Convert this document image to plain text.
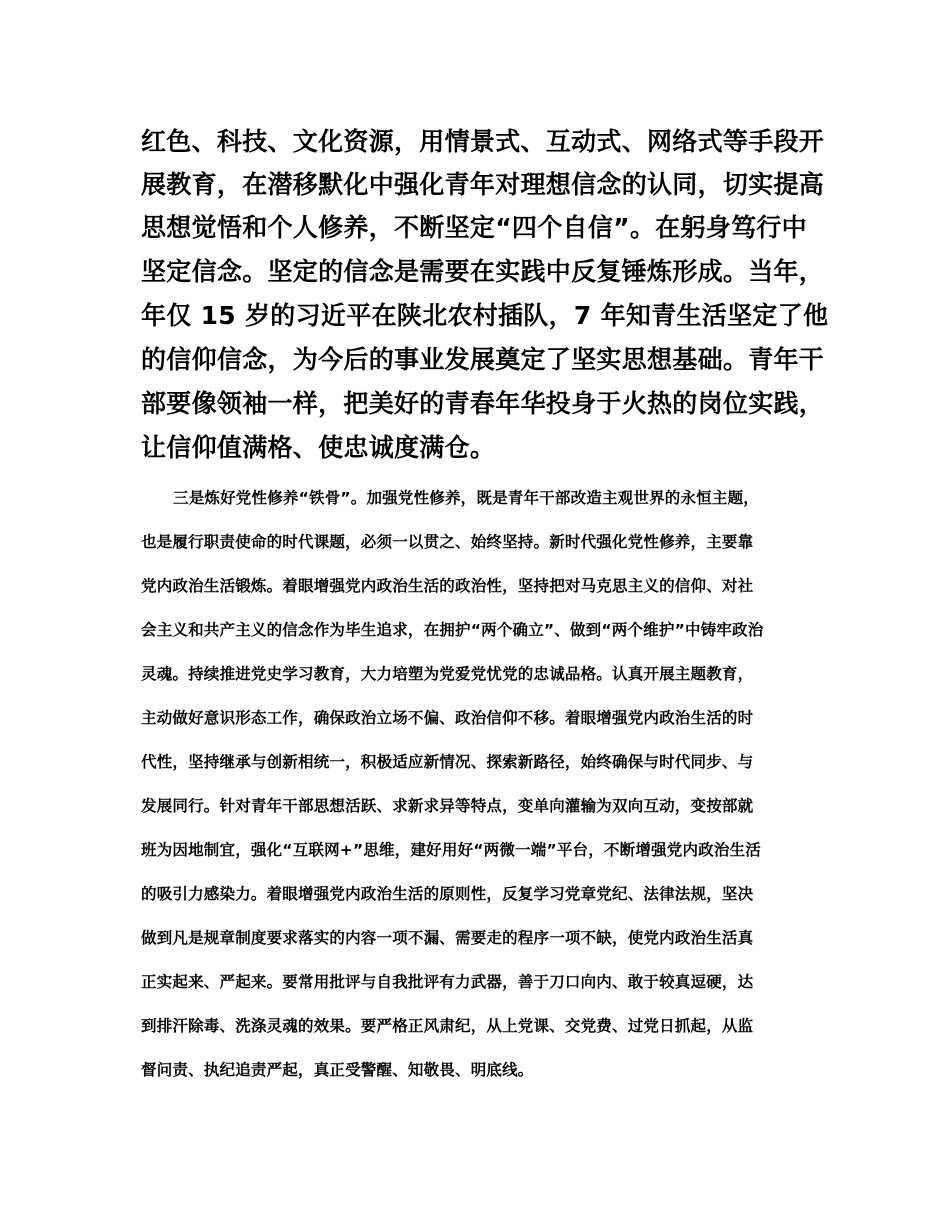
红色、科技、文化资源，用情景式、互动式、网络式等手段开
展教育，在潜移默化中强化青年对理想信念的认同，切实提高
思想觉悟和个人修养，不断坚定“四个自信”。在躬身笃行中
坚定信念。坚定的信念是需要在实践中反复锤炼形成。当年，
年仅 15 岁的习近平在陕北农村插队，7 年知青生活坚定了他
的信仰信念，为今后的事业发展奠定了坚实思想基础。青年干
部要像领袖一样，把美好的青春年华投身于火热的岗位实践，
让信仰值满格、使忠诚度满仓。
三是炼好党性修养“铁骨”。加强党性修养，既是青年干部改造主观世界的永恒主题，
也是履行职责使命的时代课题，必须一以贯之、始终坚持。新时代强化党性修养，主要靠
党内政治生活锻炼。着眼增强党内政治生活的政治性，坚持把对马克思主义的信仰、对社
会主义和共产主义的信念作为毕生追求，在拥护“两个确立”、做到“两个维护”中铸牢政治
灵魂。持续推进党史学习教育，大力培塑为党爱党忧党的忠诚品格。认真开展主题教育，
主动做好意识形态工作，确保政治立场不偏、政治信仰不移。着眼增强党内政治生活的时
代性，坚持继承与创新相统一，积极适应新情况、探索新路径，始终确保与时代同步、与
发展同行。针对青年干部思想活跃、求新求异等特点，变单向灌输为双向互动，变按部就
班为因地制宜，强化“互联网+”思维，建好用好“两微一端”平台，不断增强党内政治生活
的吸引力感染力。着眼增强党内政治生活的原则性，反复学习党章党纪、法律法规，坚决
做到凡是规章制度要求落实的内容一项不漏、需要走的程序一项不缺，使党内政治生活真
正实起来、严起来。要常用批评与自我批评有力武器，善于刀口向内、敢于较真逗硬，达
到排汗除毒、洗涤灵魂的效果。要严格正风肃纪，从上党课、交党费、过党日抓起，从监
督问责、执纪追责严起，真正受警醒、知敬畏、明底线。
